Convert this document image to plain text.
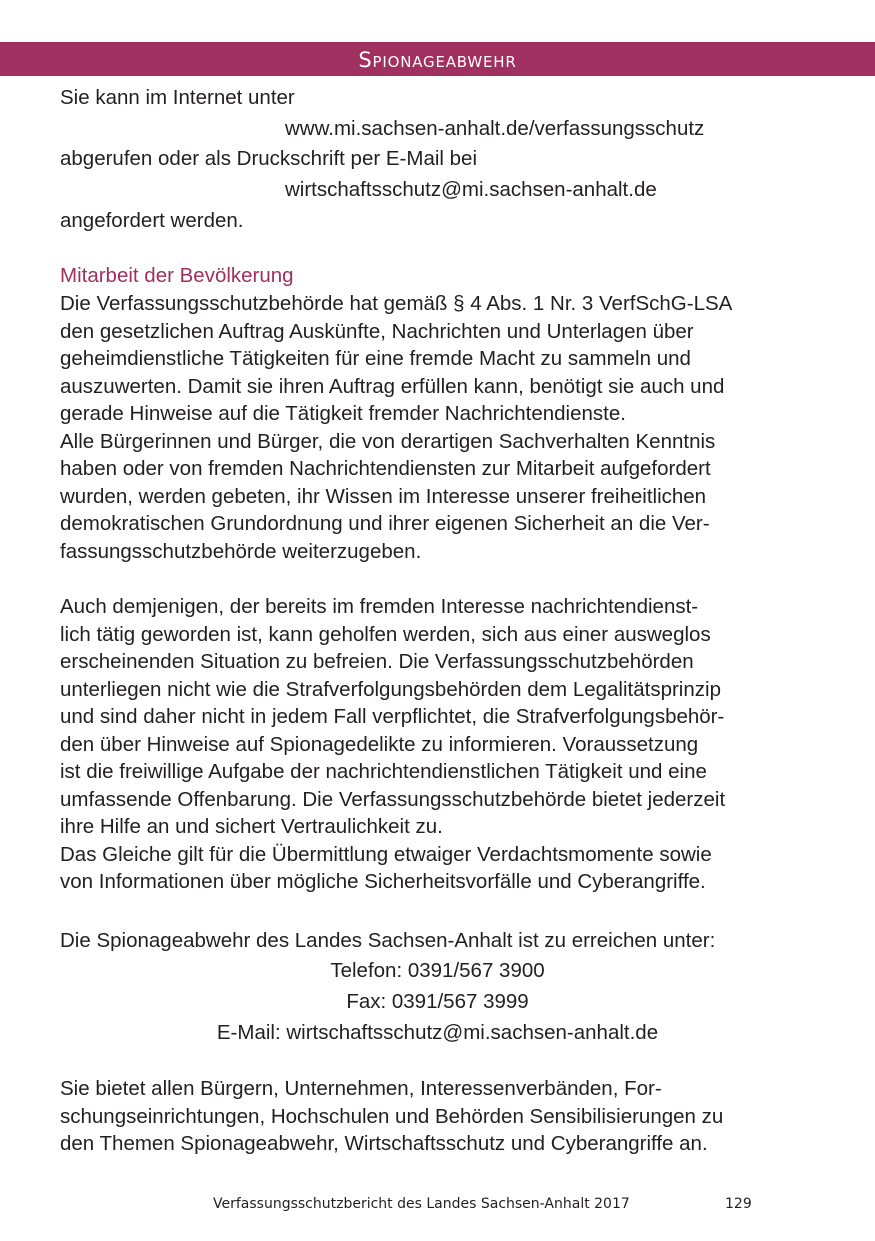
Spionageabwehr
Sie kann im Internet unter
www.mi.sachsen-anhalt.de/verfassungsschutz
abgerufen oder als Druckschrift per E-Mail bei
wirtschaftsschutz@mi.sachsen-anhalt.de
angefordert werden.
Mitarbeit der Bevölkerung
Die Verfassungsschutzbehörde hat gemäß § 4 Abs. 1 Nr. 3 VerfSchG-LSA
den gesetzlichen Auftrag Auskünfte, Nachrichten und Unterlagen über
geheimdienstliche Tätigkeiten für eine fremde Macht zu sammeln und
auszuwerten. Damit sie ihren Auftrag erfüllen kann, benötigt sie auch und
gerade Hinweise auf die Tätigkeit fremder Nachrichtendienste.
Alle Bürgerinnen und Bürger, die von derartigen Sachverhalten Kenntnis
haben oder von fremden Nachrichtendiensten zur Mitarbeit aufgefordert
wurden, werden gebeten, ihr Wissen im Interesse unserer freiheitlichen
demokratischen Grundordnung und ihrer eigenen Sicherheit an die Ver-
fassungsschutzbehörde weiterzugeben.
Auch demjenigen, der bereits im fremden Interesse nachrichtendienst-
lich tätig geworden ist, kann geholfen werden, sich aus einer ausweglos
erscheinenden Situation zu befreien. Die Verfassungsschutzbehörden
unterliegen nicht wie die Strafverfolgungsbehörden dem Legalitätsprinzip
und sind daher nicht in jedem Fall verpflichtet, die Strafverfolgungsbehör-
den über Hinweise auf Spionagedelikte zu informieren. Voraussetzung
ist die freiwillige Aufgabe der nachrichtendienstlichen Tätigkeit und eine
umfassende Offenbarung. Die Verfassungsschutzbehörde bietet jederzeit
ihre Hilfe an und sichert Vertraulichkeit zu.
Das Gleiche gilt für die Übermittlung etwaiger Verdachtsmomente sowie
von Informationen über mögliche Sicherheitsvorfälle und Cyberangriffe.
Die Spionageabwehr des Landes Sachsen-Anhalt ist zu erreichen unter:
Telefon: 0391/567 3900
Fax: 0391/567 3999
E-Mail: wirtschaftsschutz@mi.sachsen-anhalt.de
Sie bietet allen Bürgern, Unternehmen, Interessenverbänden, For-
schungseinrichtungen, Hochschulen und Behörden Sensibilisierungen zu
den Themen Spionageabwehr, Wirtschaftsschutz und Cyberangriffe an.
Verfassungsschutzbericht des Landes Sachsen-Anhalt 2017	129
